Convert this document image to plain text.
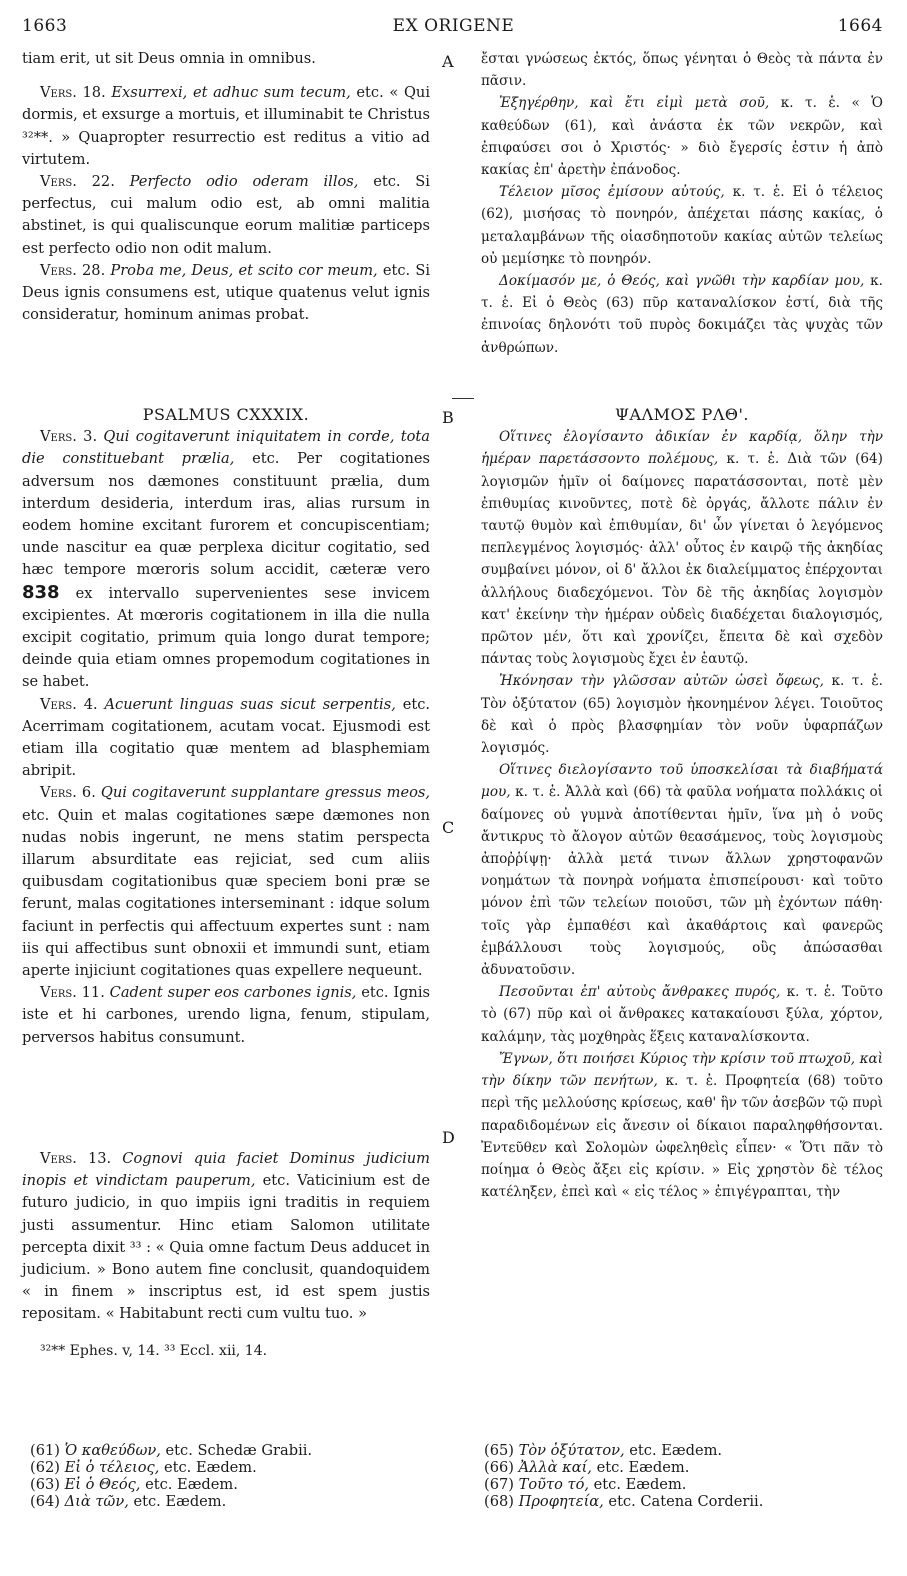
1663	EX ORIGENE	1664
A
B
C
D

tiam erit, ut sit Deus omnia in omnibus.

Vers. 18. Exsurrexi, et adhuc sum tecum, etc. « Qui dormis, et exsurge a mortuis, et illuminabit te Christus ³²**. » Quapropter resurrectio est reditus a vitio ad virtutem.

Vers. 22. Perfecto odio oderam illos, etc. Si perfectus, cui malum odio est, ab omni malitia abstinet, is qui qualiscunque eorum malitiæ particeps est perfecto odio non odit malum.

Vers. 28. Proba me, Deus, et scito cor meum, etc. Si Deus ignis consumens est, utique quatenus velut ignis consideratur, hominum animas probat.

PSALMUS CXXXIX.

Vers. 3. Qui cogitaverunt iniquitatem in corde, tota die constituebant prælia, etc. Per cogitationes adversum nos dæmones constituunt prælia, dum interdum desideria, interdum iras, alias rursum in eodem homine excitant furorem et concupiscentiam; unde nascitur ea quæ perplexa dicitur cogitatio, sed hæc tempore mœroris solum accidit, cæteræ vero 838 ex intervallo supervenientes sese invicem excipientes. At mœroris cogitationem in illa die nulla excipit cogitatio, primum quia longo durat tempore; deinde quia etiam omnes propemodum cogitationes in se habet.

Vers. 4. Acuerunt linguas suas sicut serpentis, etc. Acerrimam cogitationem, acutam vocat. Ejusmodi est etiam illa cogitatio quæ mentem ad blasphemiam abripit.

Vers. 6. Qui cogitaverunt supplantare gressus meos, etc. Quin et malas cogitationes sæpe dæmones non nudas nobis ingerunt, ne mens statim perspecta illarum absurditate eas rejiciat, sed cum aliis quibusdam cogitationibus quæ speciem boni præ se ferunt, malas cogitationes interseminant : idque solum faciunt in perfectis qui affectuum expertes sunt : nam iis qui affectibus sunt obnoxii et immundi sunt, etiam aperte injiciunt cogitationes quas expellere nequeunt.

Vers. 11. Cadent super eos carbones ignis, etc. Ignis iste et hi carbones, urendo ligna, fenum, stipulam, perversos habitus consumunt.

Vers. 13. Cognovi quia faciet Dominus judicium inopis et vindictam pauperum, etc. Vaticinium est de futuro judicio, in quo impiis igni traditis in requiem justi assumentur. Hinc etiam Salomon utilitate percepta dixit ³³ : « Quia omne factum Deus adducet in judicium. » Bono autem fine conclusit, quandoquidem « in finem » inscriptus est, id est spem justis repositam. « Habitabunt recti cum vultu tuo. »

³²** Ephes. v, 14. ³³ Eccl. xii, 14.

ἔσται γνώσεως ἐκτός, ὅπως γένηται ὁ Θεὸς τὰ πάντα ἐν πᾶσιν.

Ἐξηγέρθην, καὶ ἔτι εἰμὶ μετὰ σοῦ, κ. τ. ἑ. « Ὁ καθεύδων (61), καὶ ἀνάστα ἐκ τῶν νεκρῶν, καὶ ἐπιφαύσει σοι ὁ Χριστός· » διὸ ἔγερσίς ἐστιν ἡ ἀπὸ κακίας ἐπ' ἀρετὴν ἐπάνοδος.

Τέλειον μῖσος ἐμίσουν αὐτούς, κ. τ. ἑ. Εἰ ὁ τέλειος (62), μισήσας τὸ πονηρόν, ἀπέχεται πάσης κακίας, ὁ μεταλαμβάνων τῆς οἱασδηποτοῦν κακίας αὐτῶν τελείως οὐ μεμίσηκε τὸ πονηρόν.

Δοκίμασόν με, ὁ Θεός, καὶ γνῶθι τὴν καρδίαν μου, κ. τ. ἑ. Εἰ ὁ Θεὸς (63) πῦρ καταναλίσκον ἐστί, διὰ τῆς ἐπινοίας δηλονότι τοῦ πυρὸς δοκιμάζει τὰς ψυχὰς τῶν ἀνθρώπων.

ΨΑΛΜΟΣ ΡΛΘ'.

Οἵτινες ἐλογίσαντο ἀδικίαν ἐν καρδίᾳ, ὅλην τὴν ἡμέραν παρετάσσοντο πολέμους, κ. τ. ἑ. Διὰ τῶν (64) λογισμῶν ἡμῖν οἱ δαίμονες παρατάσσονται, ποτὲ μὲν ἐπιθυμίας κινοῦντες, ποτὲ δὲ ὀργάς, ἄλλοτε πάλιν ἐν ταυτῷ θυμὸν καὶ ἐπιθυμίαν, δι' ὧν γίνεται ὁ λεγόμενος πεπλεγμένος λογισμός· ἀλλ' οὗτος ἐν καιρῷ τῆς ἀκηδίας συμβαίνει μόνον, οἱ δ' ἄλλοι ἐκ διαλείμματος ἐπέρχονται ἀλλήλους διαδεχόμενοι. Τὸν δὲ τῆς ἀκηδίας λογισμὸν κατ' ἐκείνην τὴν ἡμέραν οὐδεὶς διαδέχεται διαλογισμός, πρῶτον μέν, ὅτι καὶ χρονίζει, ἔπειτα δὲ καὶ σχεδὸν πάντας τοὺς λογισμοὺς ἔχει ἐν ἑαυτῷ.

Ἠκόνησαν τὴν γλῶσσαν αὐτῶν ὡσεὶ ὄφεως, κ. τ. ἑ. Τὸν ὀξύτατον (65) λογισμὸν ἠκονημένον λέγει. Τοιοῦτος δὲ καὶ ὁ πρὸς βλασφημίαν τὸν νοῦν ὑφαρπάζων λογισμός.

Οἵτινες διελογίσαντο τοῦ ὑποσκελίσαι τὰ διαβήματά μου, κ. τ. ἑ. Ἀλλὰ καὶ (66) τὰ φαῦλα νοήματα πολλάκις οἱ δαίμονες οὐ γυμνὰ ἀποτίθενται ἡμῖν, ἵνα μὴ ὁ νοῦς ἄντικρυς τὸ ἄλογον αὐτῶν θεασάμενος, τοὺς λογισμοὺς ἀποῤῥίψῃ· ἀλλὰ μετά τινων ἄλλων χρηστοφανῶν νοημάτων τὰ πονηρὰ νοήματα ἐπισπείρουσι· καὶ τοῦτο μόνον ἐπὶ τῶν τελείων ποιοῦσι, τῶν μὴ ἐχόντων πάθη· τοῖς γὰρ ἐμπαθέσι καὶ ἀκαθάρτοις καὶ φανερῶς ἐμβάλλουσι τοὺς λογισμούς, οὓς ἀπώσασθαι ἀδυνατοῦσιν.

Πεσοῦνται ἐπ' αὐτοὺς ἄνθρακες πυρός, κ. τ. ἑ. Τοῦτο τὸ (67) πῦρ καὶ οἱ ἄνθρακες κατακαίουσι ξύλα, χόρτον, καλάμην, τὰς μοχθηρὰς ἕξεις καταναλίσκοντα.

Ἔγνων, ὅτι ποιήσει Κύριος τὴν κρίσιν τοῦ πτωχοῦ, καὶ τὴν δίκην τῶν πενήτων, κ. τ. ἑ. Προφητεία (68) τοῦτο περὶ τῆς μελλούσης κρίσεως, καθ' ἣν τῶν ἀσεβῶν τῷ πυρὶ παραδιδομένων εἰς ἄνεσιν οἱ δίκαιοι παραληφθήσονται. Ἐντεῦθεν καὶ Σολομὼν ὠφεληθεὶς εἶπεν· « Ὅτι πᾶν τὸ ποίημα ὁ Θεὸς ἄξει εἰς κρίσιν. » Εἰς χρηστὸν δὲ τέλος κατέληξεν, ἐπεὶ καὶ « εἰς τέλος » ἐπιγέγραπται, τὴν

(61) Ὁ καθεύδων, etc. Schedæ Grabii.
(62) Εἰ ὁ τέλειος, etc. Eædem.
(63) Εἰ ὁ Θεός, etc. Eædem.
(64) Διὰ τῶν, etc. Eædem.
(65) Τὸν ὀξύτατον, etc. Eædem.
(66) Ἀλλὰ καί, etc. Eædem.
(67) Τοῦτο τό, etc. Eædem.
(68) Προφητεία, etc. Catena Corderii.
